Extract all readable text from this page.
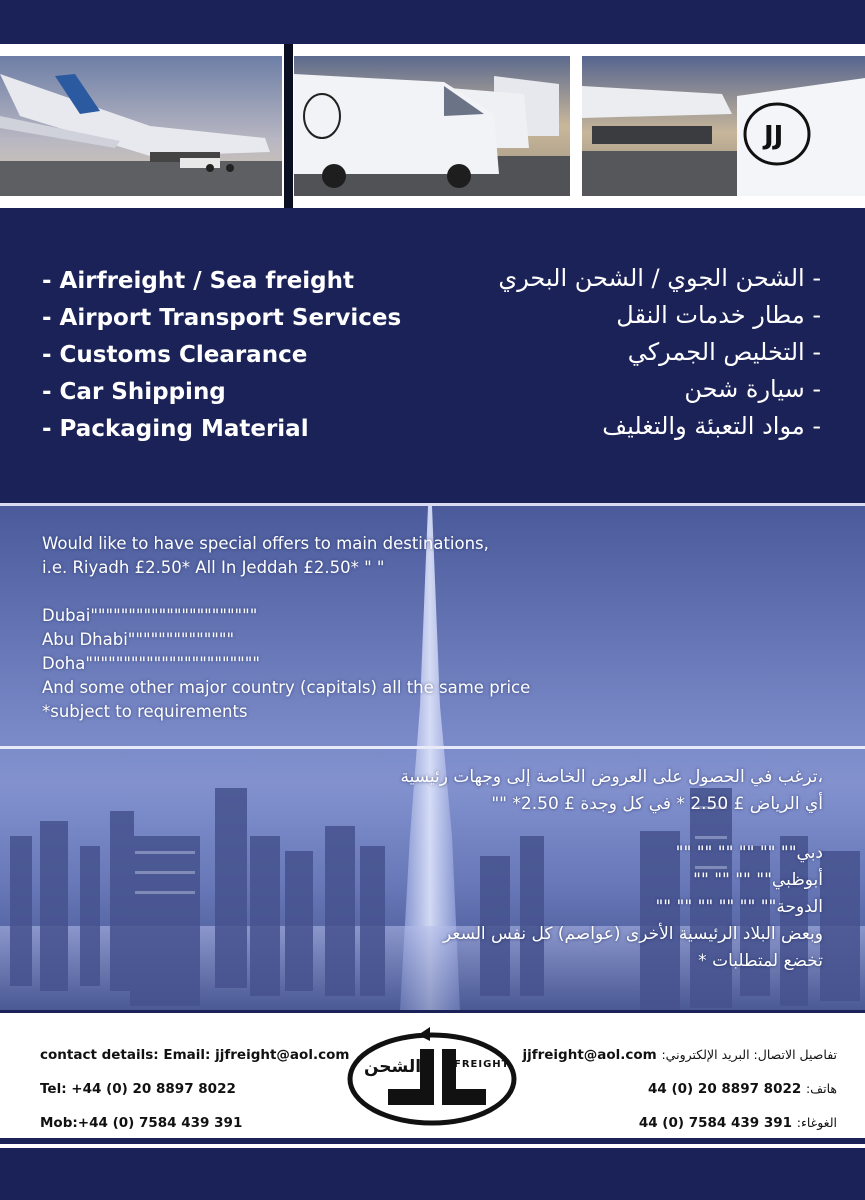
JJ
- Airfreight / Sea freight
- Airport Transport Services
- Customs Clearance
- Car Shipping
- Packaging Material
- الشحن الجوي / الشحن البحري
- مطار خدمات النقل
- التخليص الجمركي
- سيارة شحن
- مواد التعبئة والتغليف
Would like to have special offers to main destinations,
i.e. Riyadh £2.50* All In Jeddah £2.50* " "
Dubai""""""""""""""""""""""
Abu Dhabi""""""""""""""
Doha"""""""""""""""""""""""
And some other major country (capitals) all the same price
*subject to requirements
،ترغب في الحصول على العروض الخاصة إلى وجهات رئيسية
أي الرياض £ 2.50 * في كل وجدة £ 2.50* ""
دبي"" "" "" "" "" ""
أبوظبي"" "" "" ""
الدوحة"" "" "" "" "" ""
وبعض البلاد الرئيسية الأخرى (عواصم) كل نفس السعر
تخضع لمتطلبات *
contact details: Email: jjfreight@aol.com
Tel: +44 (0) 20 8897 8022
Mob:+44 (0) 7584 439 391
الشحن	FREIGHT
تفاصيل الاتصال: البريد الإلكتروني: jjfreight@aol.com
هاتف: 44 (0) 20 8897 8022
الغوغاء: 44 (0) 7584 439 391
